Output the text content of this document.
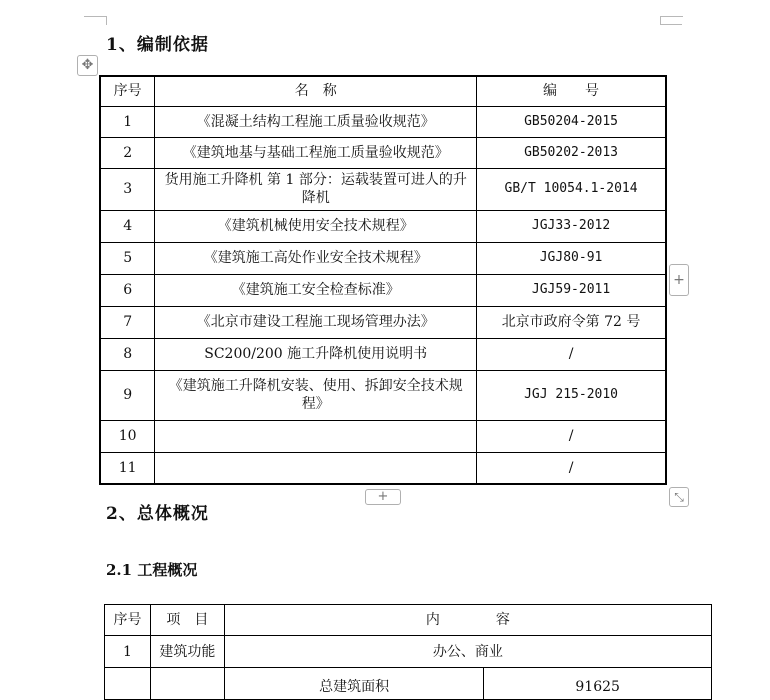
1、编制依据
✥
序号	名　称	编　　号
1	《混凝土结构工程施工质量验收规范》	GB50204-2015
2	《建筑地基与基础工程施工质量验收规范》	GB50202-2013
3	货用施工升降机 第 1 部分：运载装置可进人的升降机	GB/T 10054.1-2014
4	《建筑机械使用安全技术规程》	JGJ33-2012
5	《建筑施工高处作业安全技术规程》	JGJ80-91
6	《建筑施工安全检查标准》	JGJ59-2011
7	《北京市建设工程施工现场管理办法》	北京市政府令第 72 号
8	SC200/200 施工升降机使用说明书	/
9	《建筑施工升降机安装、使用、拆卸安全技术规程》	JGJ 215-2010
10		/
11		/
+
+	⤡
2、总体概况
2.1 工程概况
序号	项　目	内　　　　容	
1	建筑功能	办公、商业	
		总建筑面积	91625
